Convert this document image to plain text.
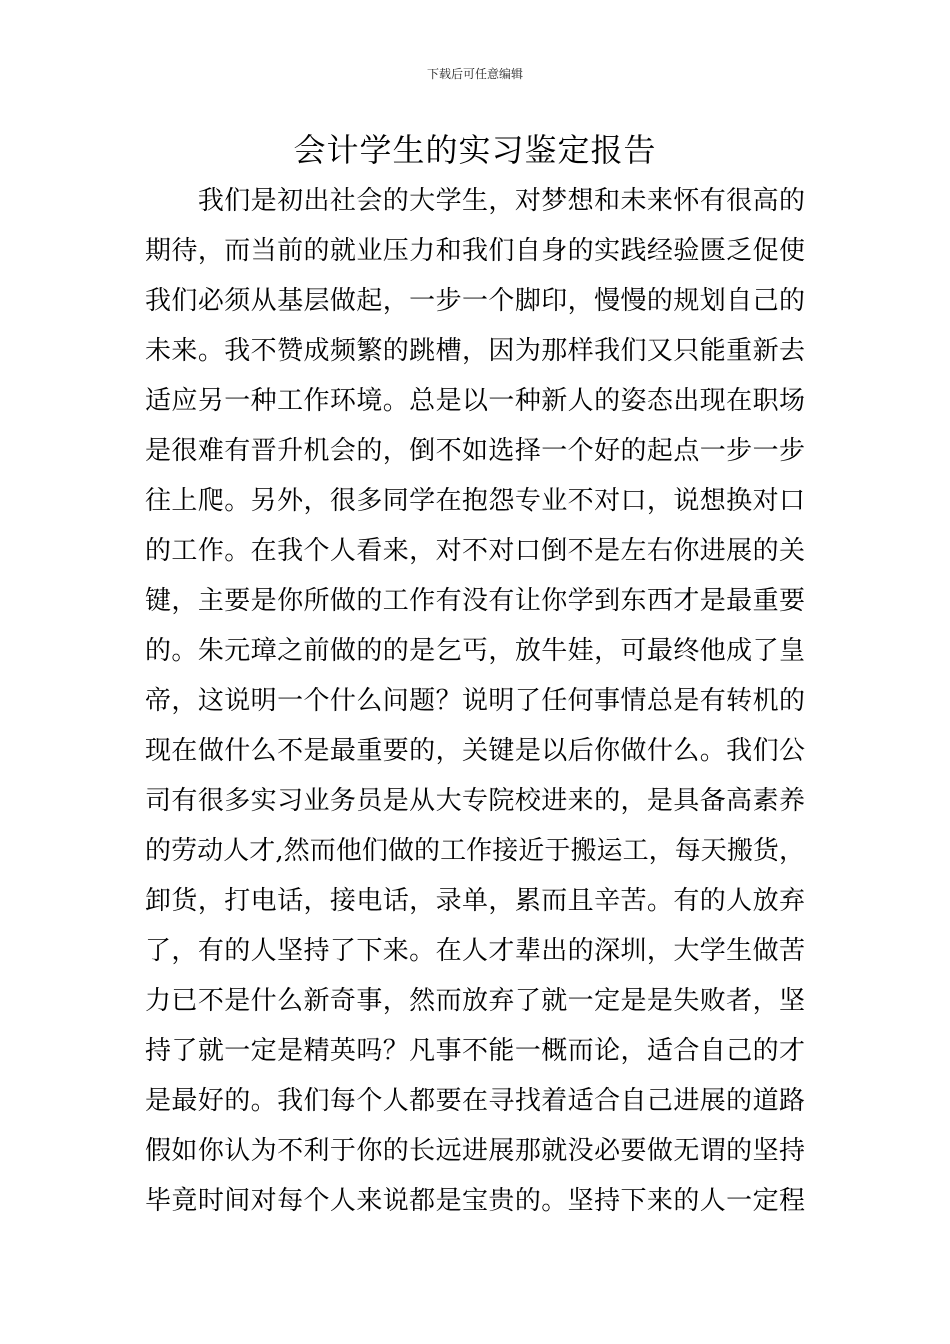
下载后可任意编辑
会计学生的实习鉴定报告
　　我们是初出社会的大学生，对梦想和未来怀有很高的
期待，而当前的就业压力和我们自身的实践经验匮乏促使
我们必须从基层做起，一步一个脚印，慢慢的规划自己的
未来。我不赞成频繁的跳槽，因为那样我们又只能重新去
适应另一种工作环境。总是以一种新人的姿态出现在职场
是很难有晋升机会的，倒不如选择一个好的起点一步一步
往上爬。另外，很多同学在抱怨专业不对口，说想换对口
的工作。在我个人看来，对不对口倒不是左右你进展的关
键，主要是你所做的工作有没有让你学到东西才是最重要
的。朱元璋之前做的的是乞丐，放牛娃，可最终他成了皇
帝，这说明一个什么问题？说明了任何事情总是有转机的
现在做什么不是最重要的，关键是以后你做什么。我们公
司有很多实习业务员是从大专院校进来的，是具备高素养
的劳动人才,然而他们做的工作接近于搬运工，每天搬货，
卸货，打电话，接电话，录单，累而且辛苦。有的人放弃
了，有的人坚持了下来。在人才辈出的深圳，大学生做苦
力已不是什么新奇事，然而放弃了就一定是是失败者，坚
持了就一定是精英吗？凡事不能一概而论，适合自己的才
是最好的。我们每个人都要在寻找着适合自己进展的道路
假如你认为不利于你的长远进展那就没必要做无谓的坚持
毕竟时间对每个人来说都是宝贵的。坚持下来的人一定程
